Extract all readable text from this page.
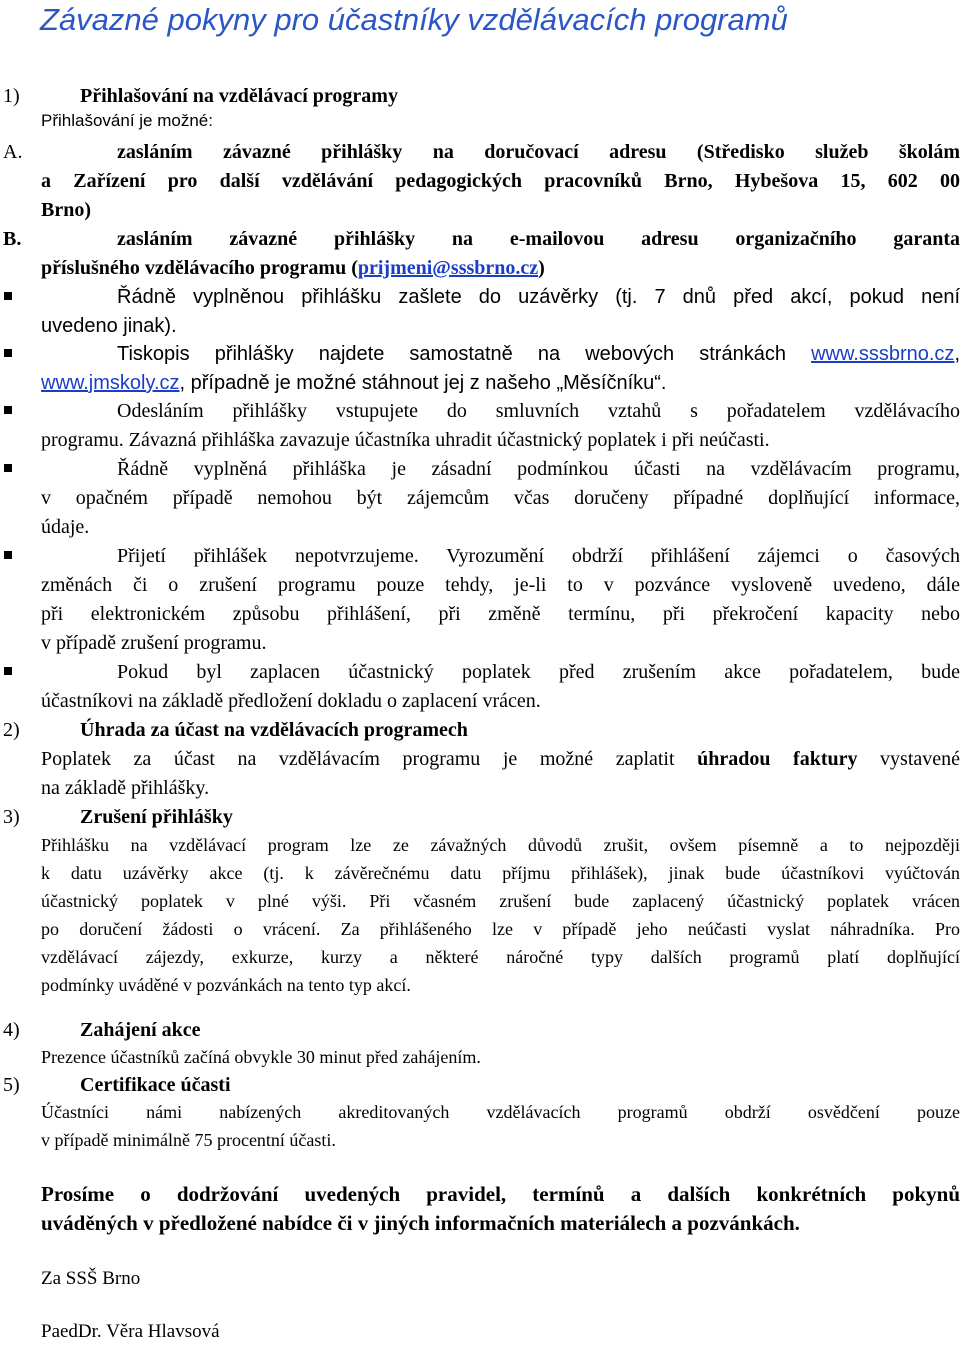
Závazné pokyny pro účastníky vzdělávacích programů
1)	Přihlašování na vzdělávací programy
Přihlašování je možné:
A.	zasláním závazné přihlášky na doručovací adresu (Středisko služeb školám
a Zařízení pro další vzdělávání pedagogických pracovníků Brno, Hybešova 15, 602 00
Brno)
B.	zasláním závazné přihlášky na e-mailovou adresu organizačního garanta
příslušného vzdělávacího programu (prijmeni@sssbrno.cz)
Řádně vyplněnou přihlášku zašlete do uzávěrky (tj. 7 dnů před akcí, pokud není
uvedeno jinak).
Tiskopis přihlášky najdete samostatně na webových stránkách www.sssbrno.cz,
www.jmskoly.cz, případně je možné stáhnout jej z našeho „Měsíčníku“.
Odesláním přihlášky vstupujete do smluvních vztahů s pořadatelem vzdělávacího
programu. Závazná přihláška zavazuje účastníka uhradit účastnický poplatek i při neúčasti.
Řádně vyplněná přihláška je zásadní podmínkou účasti na vzdělávacím programu,
v opačném případě nemohou být zájemcům včas doručeny případné doplňující informace,
údaje.
Přijetí přihlášek nepotvrzujeme. Vyrozumění obdrží přihlášení zájemci o časových
změnách či o zrušení programu pouze tehdy, je-li to v pozvánce vysloveně uvedeno, dále
při elektronickém způsobu přihlášení, při změně termínu, při překročení kapacity nebo
v případě zrušení programu.
Pokud byl zaplacen účastnický poplatek před zrušením akce pořadatelem, bude
účastníkovi na základě předložení dokladu o zaplacení vrácen.
2)	Úhrada za účast na vzdělávacích programech
Poplatek za účast na vzdělávacím programu je možné zaplatit úhradou faktury vystavené
na základě přihlášky.
3)	Zrušení přihlášky
Přihlášku na vzdělávací program lze ze závažných důvodů zrušit, ovšem písemně a to nejpozději
k datu uzávěrky akce (tj. k závěrečnému datu příjmu přihlášek), jinak bude účastníkovi vyúčtován
účastnický poplatek v plné výši. Při včasném zrušení bude zaplacený účastnický poplatek vrácen
po doručení žádosti o vrácení. Za přihlášeného lze v případě jeho neúčasti vyslat náhradníka. Pro
vzdělávací zájezdy, exkurze, kurzy a některé náročné typy dalších programů platí doplňující
podmínky uváděné v pozvánkách na tento typ akcí.
4)	Zahájení akce
Prezence účastníků začíná obvykle 30 minut před zahájením.
5)	Certifikace účasti
Účastníci námi nabízených akreditovaných vzdělávacích programů obdrží osvědčení pouze
v případě minimálně 75 procentní účasti.
Prosíme o dodržování uvedených pravidel, termínů a dalších konkrétních pokynů
uváděných v předložené nabídce či v jiných informačních materiálech a pozvánkách.
Za SSŠ Brno
PaedDr. Věra Hlavsová
